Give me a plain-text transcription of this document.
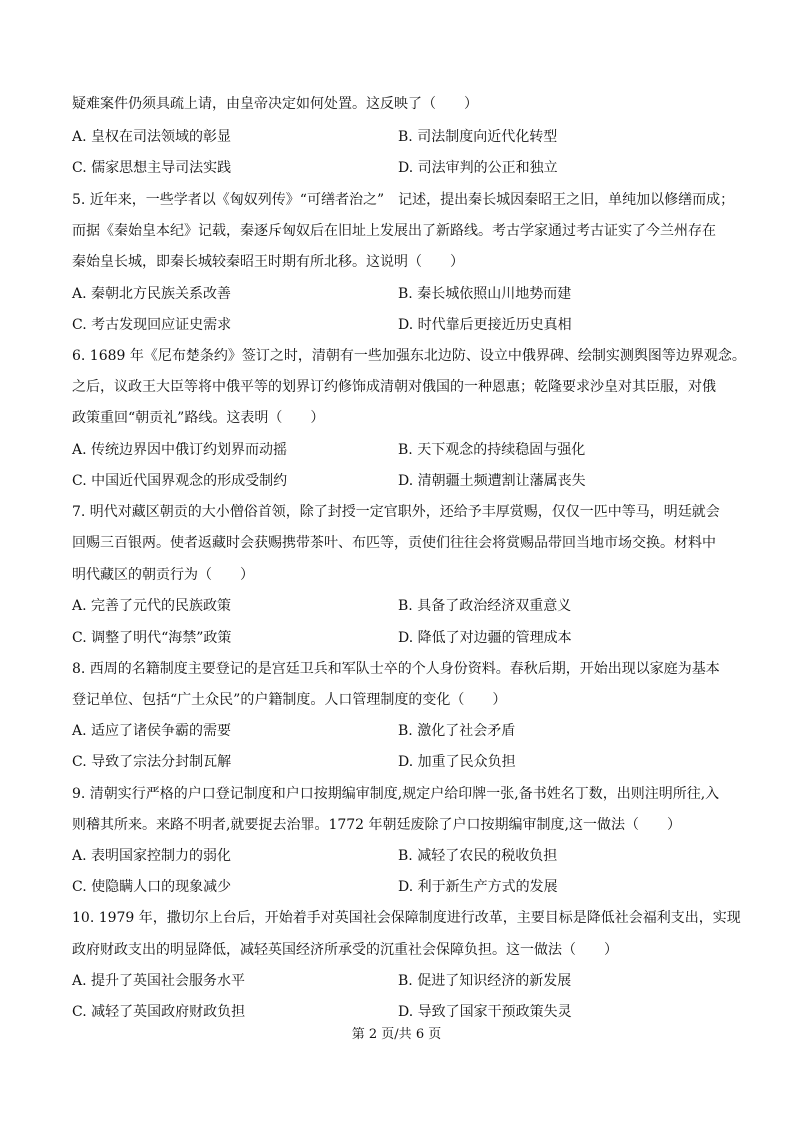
疑难案件仍须具疏上请，由皇帝决定如何处置。这反映了（　　）
A. 皇权在司法领域的彰显	B. 司法制度向近代化转型
C. 儒家思想主导司法实践	D. 司法审判的公正和独立
5. 近年来，一些学者以《匈奴列传》“可缮者治之”　记述，提出秦长城因秦昭王之旧，单纯加以修缮而成；
而据《秦始皇本纪》记载，秦逐斥匈奴后在旧址上发展出了新路线。考古学家通过考古证实了今兰州存在
秦始皇长城，即秦长城较秦昭王时期有所北移。这说明（　　）
A. 秦朝北方民族关系改善	B. 秦长城依照山川地势而建
C. 考古发现回应证史需求	D. 时代靠后更接近历史真相
6. 1689 年《尼布楚条约》签订之时，清朝有一些加强东北边防、设立中俄界碑、绘制实测舆图等边界观念。
之后，议政王大臣等将中俄平等的划界订约修饰成清朝对俄国的一种恩惠；乾隆要求沙皇对其臣服，对俄
政策重回“朝贡礼”路线。这表明（　　）
A. 传统边界因中俄订约划界而动摇	B. 天下观念的持续稳固与强化
C. 中国近代国界观念的形成受制约	D. 清朝疆土频遭割让藩属丧失
7. 明代对藏区朝贡的大小僧俗首领，除了封授一定官职外，还给予丰厚赏赐，仅仅一匹中等马，明廷就会
回赐三百银两。使者返藏时会获赐携带茶叶、布匹等，贡使们往往会将赏赐品带回当地市场交换。材料中
明代藏区的朝贡行为（　　）
A. 完善了元代的民族政策	B. 具备了政治经济双重意义
C. 调整了明代“海禁”政策	D. 降低了对边疆的管理成本
8. 西周的名籍制度主要登记的是宫廷卫兵和军队士卒的个人身份资料。春秋后期，开始出现以家庭为基本
登记单位、包括“广土众民”的户籍制度。人口管理制度的变化（　　）
A. 适应了诸侯争霸的需要	B. 激化了社会矛盾
C. 导致了宗法分封制瓦解	D. 加重了民众负担
9. 清朝实行严格的户口登记制度和户口按期编审制度,规定户给印牌一张,备书姓名丁数，出则注明所往,入
则稽其所来。来路不明者,就要捉去治罪。1772 年朝廷废除了户口按期编审制度,这一做法（　　）
A. 表明国家控制力的弱化	B. 减轻了农民的税收负担
C. 使隐瞒人口的现象减少	D. 利于新生产方式的发展
10. 1979 年，撒切尔上台后，开始着手对英国社会保障制度进行改革，主要目标是降低社会福利支出，实现
政府财政支出的明显降低，减轻英国经济所承受的沉重社会保障负担。这一做法（　　）
A. 提升了英国社会服务水平	B. 促进了知识经济的新发展
C. 减轻了英国政府财政负担	D. 导致了国家干预政策失灵
第 2 页/共 6 页
